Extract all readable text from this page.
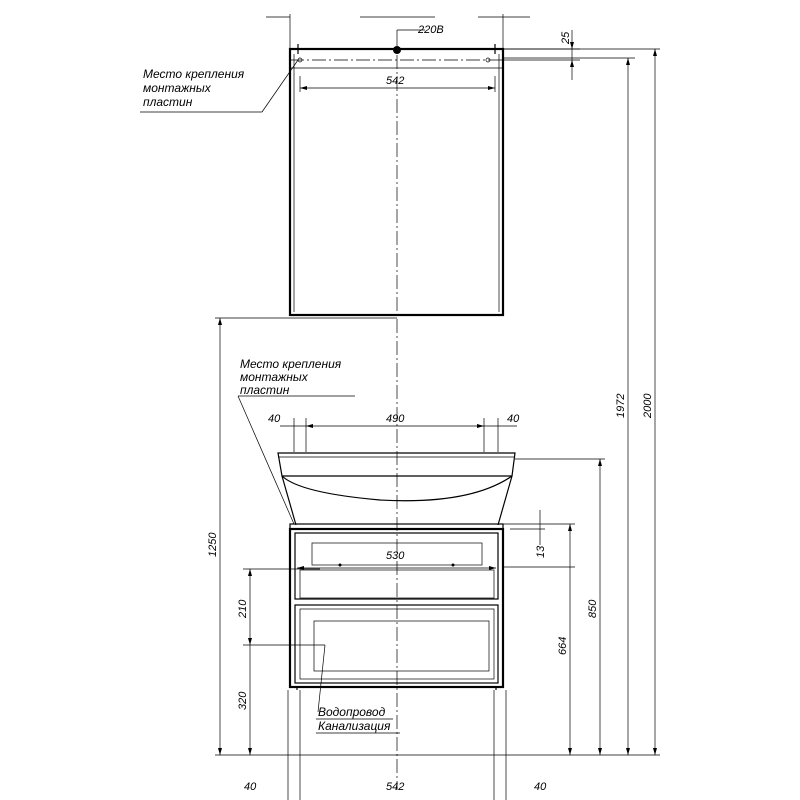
220В
542
25
Место крепления
монтажных
пластин
Место крепления
монтажных
пластин
40	490	40
530	13
664
850
1972 2000
1250
210
320
Водопровод
Канализация
40	542	40
